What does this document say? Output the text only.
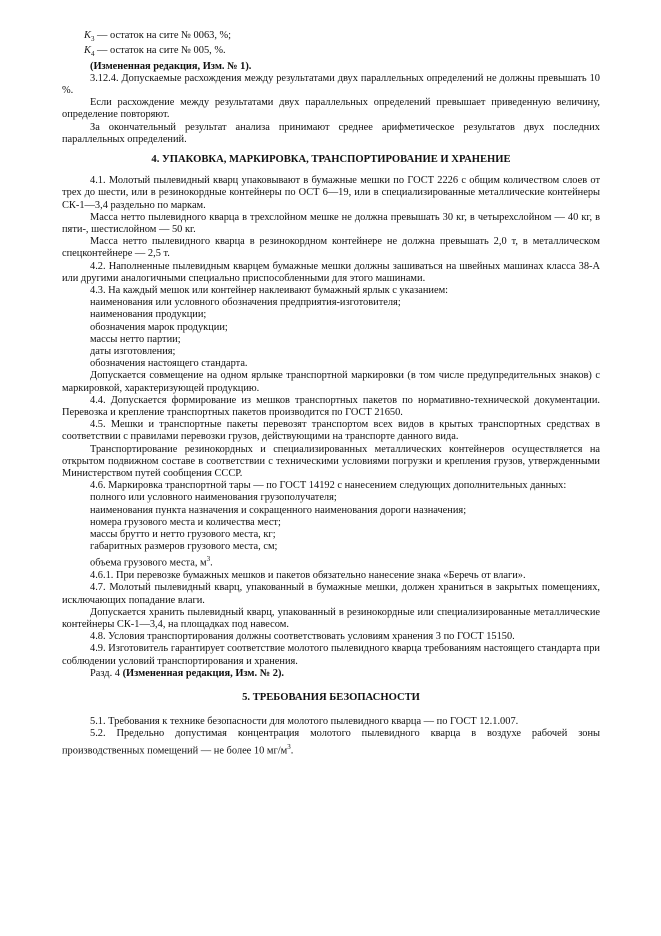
$K_3$ — остаток на сите № 0063, %;

$K_4$ — остаток на сите № 005, %.

(Измененная редакция, Изм. № 1).

3.12.4. Допускаемые расхождения между результатами двух параллельных определений не должны превышать 10 %.

Если расхождение между результатами двух параллельных определений превышает приведенную величину, определение повторяют.

За окончательный результат анализа принимают среднее арифметическое результатов двух последних параллельных определений.

4. УПАКОВКА, МАРКИРОВКА, ТРАНСПОРТИРОВАНИЕ И ХРАНЕНИЕ

4.1. Молотый пылевидный кварц упаковывают в бумажные мешки по ГОСТ 2226 с общим количеством слоев от трех до шести, или в резинокордные контейнеры по ОСТ 6—19, или в специализированные металлические контейнеры СК-1—3,4 раздельно по маркам.

Масса нетто пылевидного кварца в трехслойном мешке не должна превышать 30 кг, в четырехслойном — 40 кг, в пяти-, шестислойном — 50 кг.

Масса нетто пылевидного кварца в резинокордном контейнере не должна превышать 2,0 т, в металлическом спецконтейнере — 2,5 т.

4.2. Наполненные пылевидным кварцем бумажные мешки должны зашиваться на швейных машинах класса 38-А или другими аналогичными специально приспособленными для этого машинами.

4.3. На каждый мешок или контейнер наклеивают бумажный ярлык с указанием:

наименования или условного обозначения предприятия-изготовителя;

наименования продукции;

обозначения марок продукции;

массы нетто партии;

даты изготовления;

обозначения настоящего стандарта.

Допускается совмещение на одном ярлыке транспортной маркировки (в том числе предупредительных знаков) с маркировкой, характеризующей продукцию.

4.4. Допускается формирование из мешков транспортных пакетов по нормативно-технической документации. Перевозка и крепление транспортных пакетов производится по ГОСТ 21650.

4.5. Мешки и транспортные пакеты перевозят транспортом всех видов в крытых транспортных средствах в соответствии с правилами перевозки грузов, действующими на транспорте данного вида.

Транспортирование резинокордных и специализированных металлических контейнеров осуществляется на открытом подвижном составе в соответствии с техническими условиями погрузки и крепления грузов, утвержденными Министерством путей сообщения СССР.

4.6. Маркировка транспортной тары — по ГОСТ 14192 с нанесением следующих дополнительных данных:

полного или условного наименования грузополучателя;

наименования пункта назначения и сокращенного наименования дороги назначения;

номера грузового места и количества мест;

массы брутто и нетто грузового места, кг;

габаритных размеров грузового места, см;

объема грузового места, $м^3$.

4.6.1. При перевозке бумажных мешков и пакетов обязательно нанесение знака «Беречь от влаги».

4.7. Молотый пылевидный кварц, упакованный в бумажные мешки, должен храниться в закрытых помещениях, исключающих попадание влаги.

Допускается хранить пылевидный кварц, упакованный в резинокордные или специализированные металлические контейнеры СК-1—3,4, на площадках под навесом.

4.8. Условия транспортирования должны соответствовать условиям хранения 3 по ГОСТ 15150.

4.9. Изготовитель гарантирует соответствие молотого пылевидного кварца требованиям настоящего стандарта при соблюдении условий транспортирования и хранения.

Разд. 4 (Измененная редакция, Изм. № 2).

5. ТРЕБОВАНИЯ БЕЗОПАСНОСТИ

5.1. Требования к технике безопасности для молотого пылевидного кварца — по ГОСТ 12.1.007.

5.2. Предельно допустимая концентрация молотого пылевидного кварца в воздухе рабочей зоны производственных помещений — не более 10 $мг/м^3$.
